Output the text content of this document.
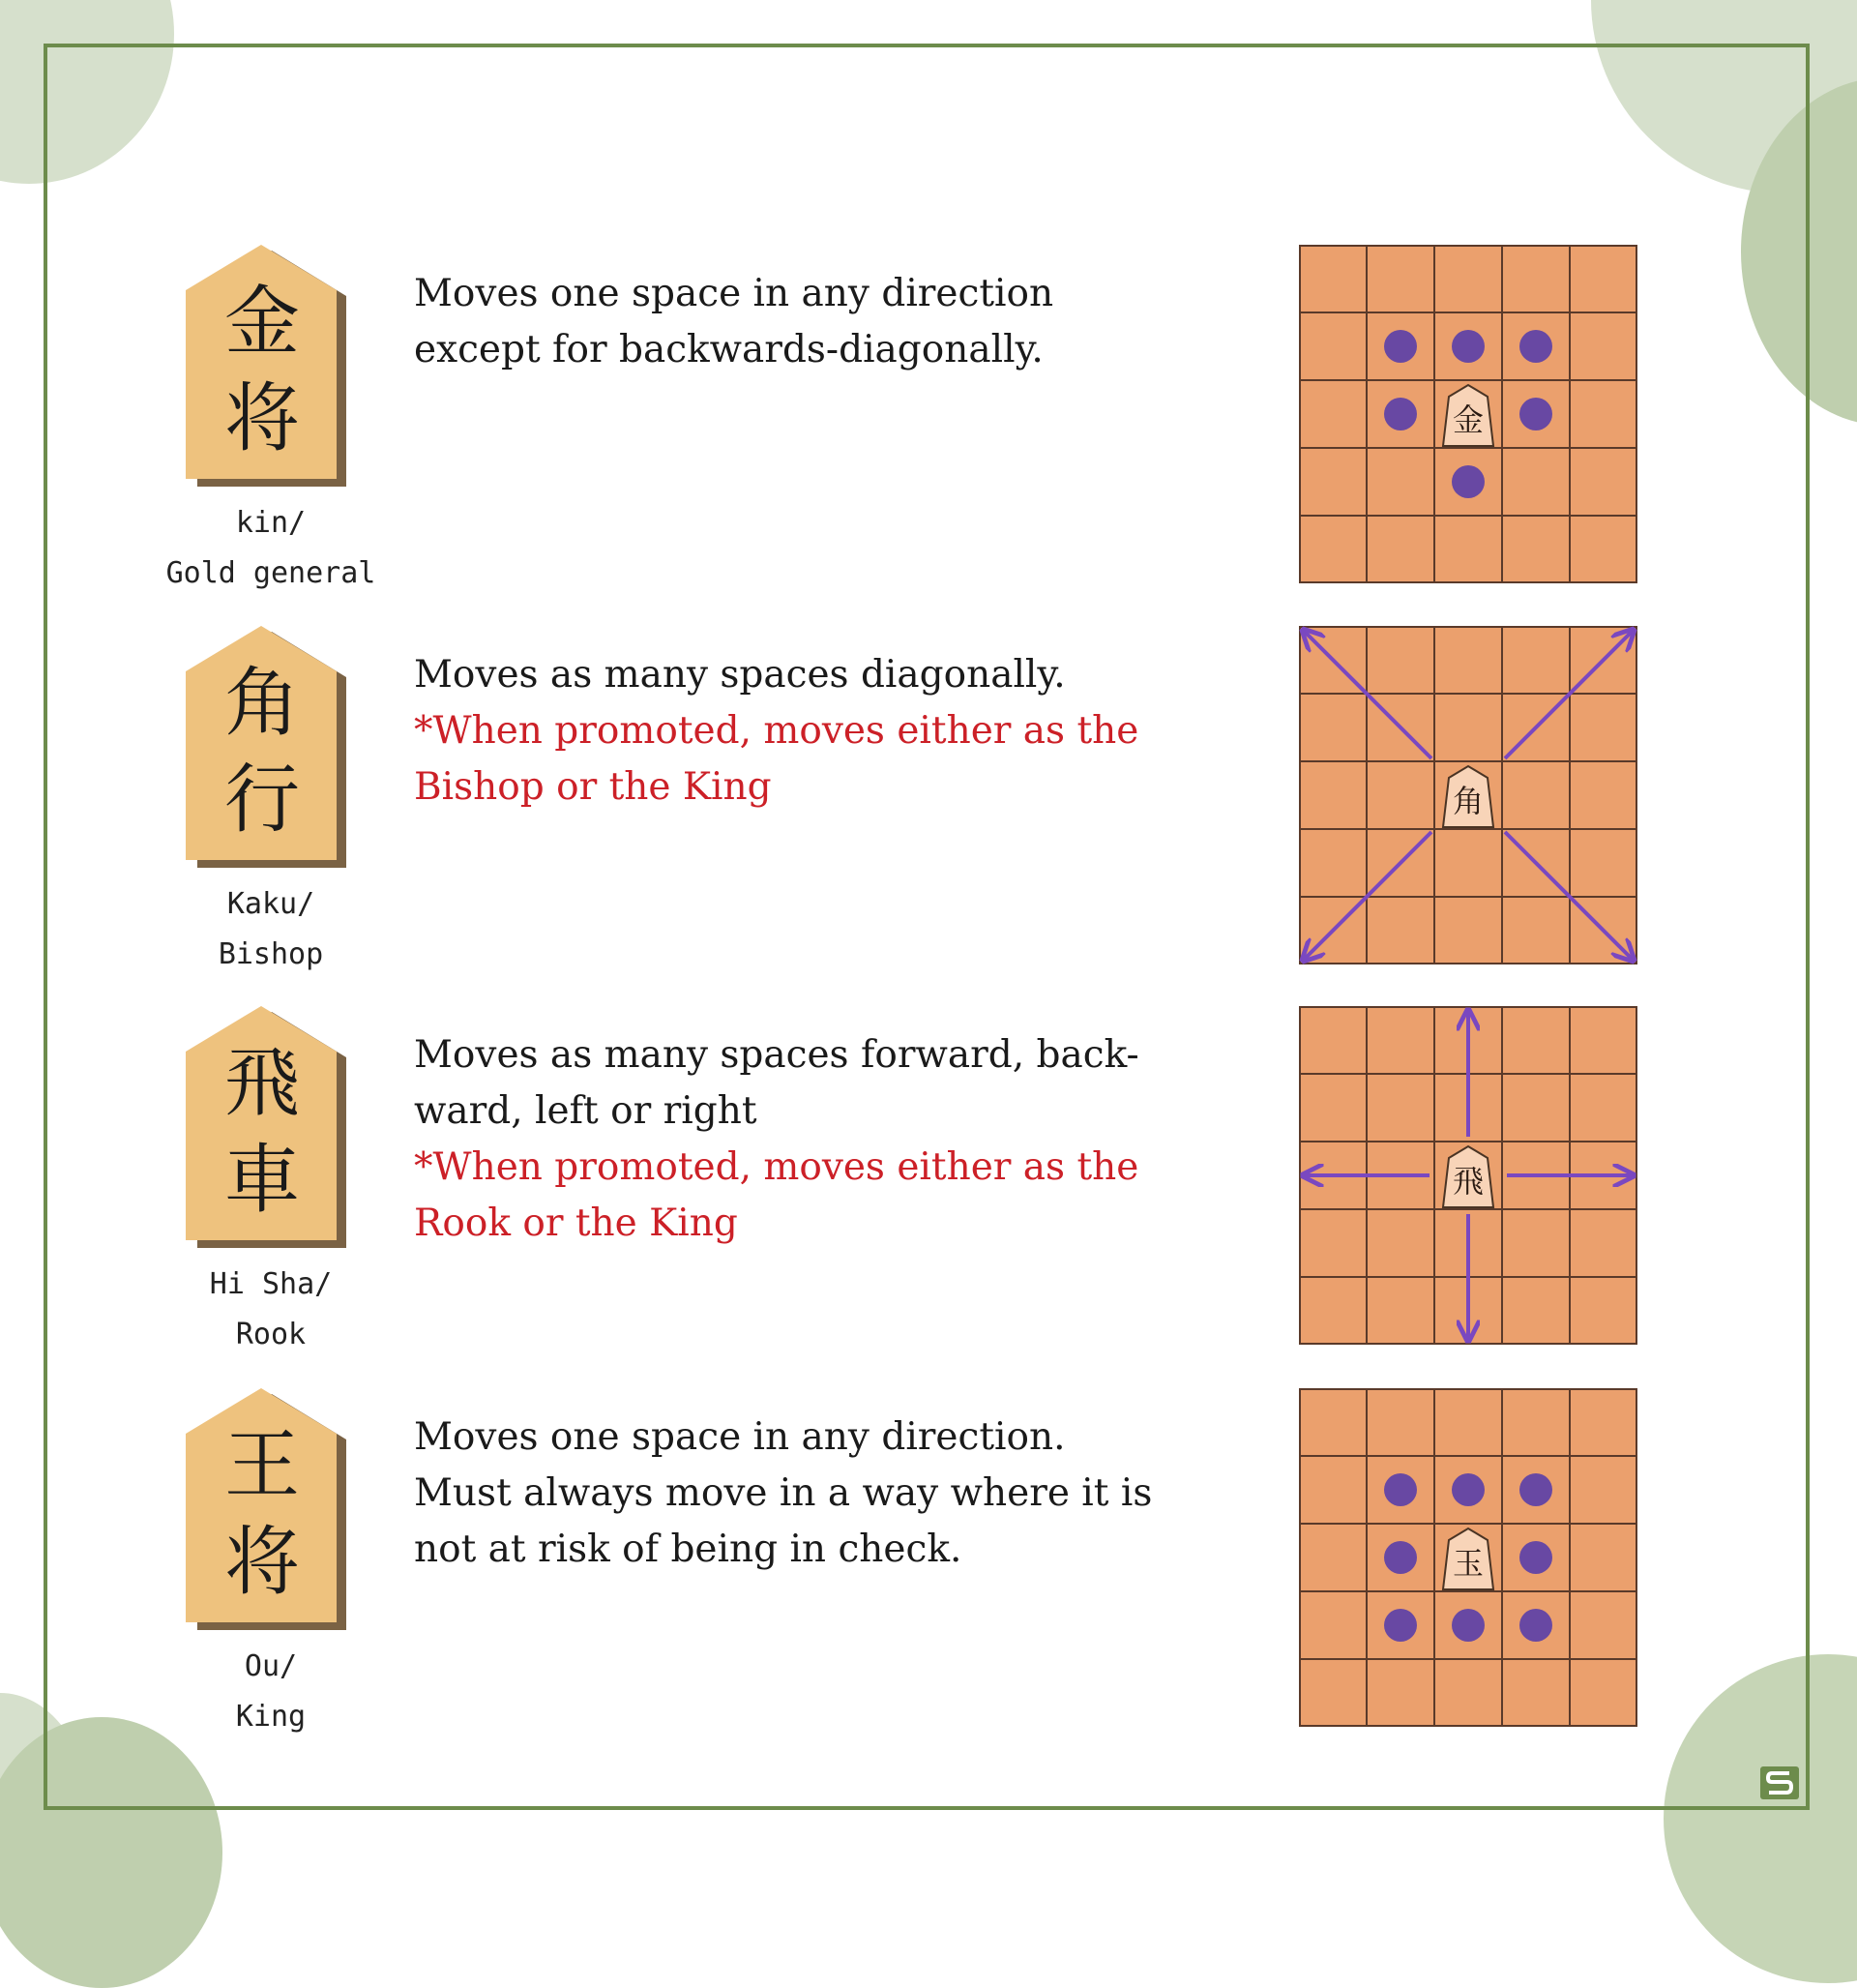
金
将
kin/
Gold general

Moves one space in any direction except for backwards-diagonally.

金
角
行
Kaku/
Bishop

Moves as many spaces diagonally.

*When promoted, moves either as the Bishop or the King	角
飛
車
Hi Sha/
Rook

Moves as many spaces forward, back- ward, left or right

*When promoted, moves either as the Rook or the King

飛
王
将
Ou/
King

Moves one space in any direction. Must always move in a way where it is not at risk of being in check.	玉
